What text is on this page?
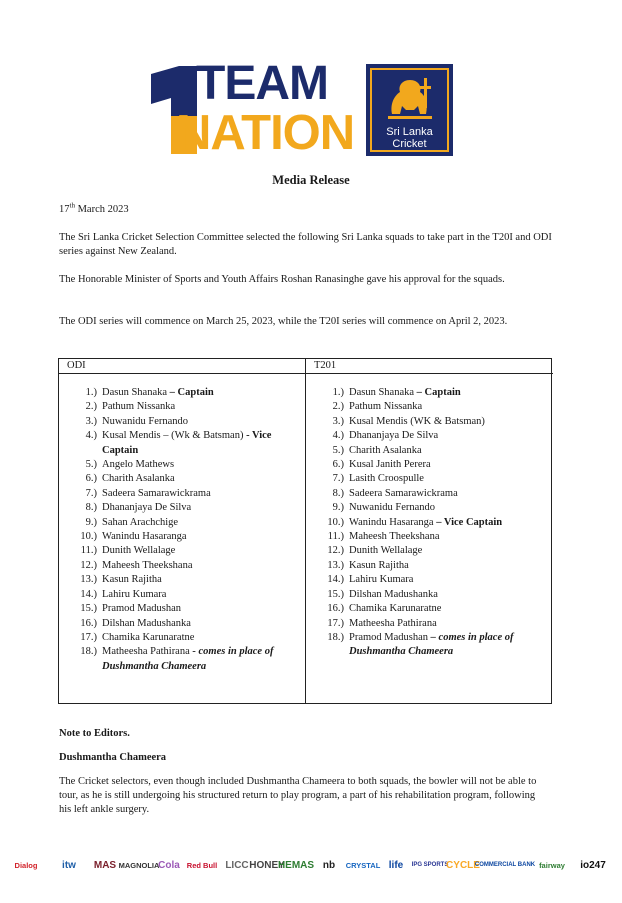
TEAM
NATION	Sri Lanka
Cricket
Media Release

17th March 2023

The Sri Lanka Cricket Selection Committee selected the following Sri Lanka squads to take part in the T20I and ODI series against New Zealand.

The Honorable Minister of Sports and Youth Affairs Roshan Ranasinghe gave his approval for the squads.

The ODI series will commence on March 25, 2023, while the T20I series will commence on April 2, 2023.

ODI
1.) Dasun Shanaka – Captain
2.) Pathum Nissanka
3.) Nuwanidu Fernando
4.) Kusal Mendis – (Wk & Batsman) - Vice Captain
5.) Angelo Mathews
6.) Charith Asalanka
7.) Sadeera Samarawickrama
8.) Dhananjaya De Silva
9.) Sahan Arachchige
10.) Wanindu Hasaranga
11.) Dunith Wellalage
12.) Maheesh Theekshana
13.) Kasun Rajitha
14.) Lahiru Kumara
15.) Pramod Madushan
16.) Dilshan Madushanka
17.) Chamika Karunaratne
18.) Matheesha Pathirana - comes in place of Dushmantha Chameera
T201
1.) Dasun Shanaka – Captain
2.) Pathum Nissanka
3.) Kusal Mendis (WK & Batsman)
4.) Dhananjaya De Silva
5.) Charith Asalanka
6.) Kusal Janith Perera
7.) Lasith Croospulle
8.) Sadeera Samarawickrama
9.) Nuwanidu Fernando
10.) Wanindu Hasaranga – Vice Captain
11.) Maheesh Theekshana
12.) Dunith Wellalage
13.) Kasun Rajitha
14.) Lahiru Kumara
15.) Dilshan Madushanka
16.) Chamika Karunaratne
17.) Matheesha Pathirana
18.) Pramod Madushan – comes in place of Dushmantha Chameera
Note to Editors.
Dushmantha Chameera

The Cricket selectors, even though included Dushmantha Chameera to both squads, the bowler will not be able to tour, as he is still undergoing his structured return to play program, a part of his rehabilitation program, following his left ankle surgery.

Dialog	itw	MAS MAGNOLIA
Cola Red Bull LICC HONEY
HEMAS nb	CRYSTAL life	IPG SPORTS
CYCLE
COMMERCIAL BANK fairway	io247
